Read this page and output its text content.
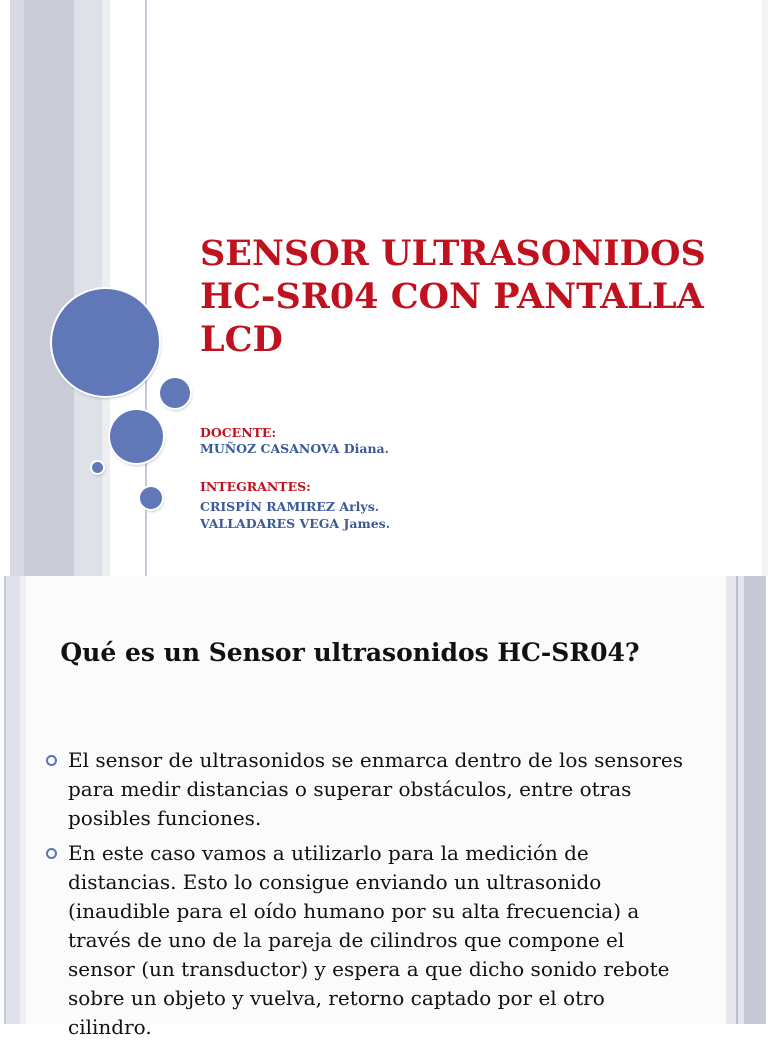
SENSOR ULTRASONIDOS HC-SR04 CON PANTALLA LCD

DOCENTE:

MUÑOZ CASANOVA Diana.

INTEGRANTES:

CRISPÍN RAMIREZ Arlys.

VALLADARES VEGA James.

Qué es un Sensor ultrasonidos HC-SR04?
El sensor de ultrasonidos se enmarca dentro de los sensores para medir distancias o superar obstáculos, entre otras posibles funciones.
En este caso vamos a utilizarlo para la medición de distancias. Esto lo consigue enviando un ultrasonido (inaudible para el oído humano por su alta frecuencia) a través de uno de la pareja de cilindros que compone el sensor (un transductor) y espera a que dicho sonido rebote sobre un objeto y vuelva, retorno captado por el otro cilindro.
